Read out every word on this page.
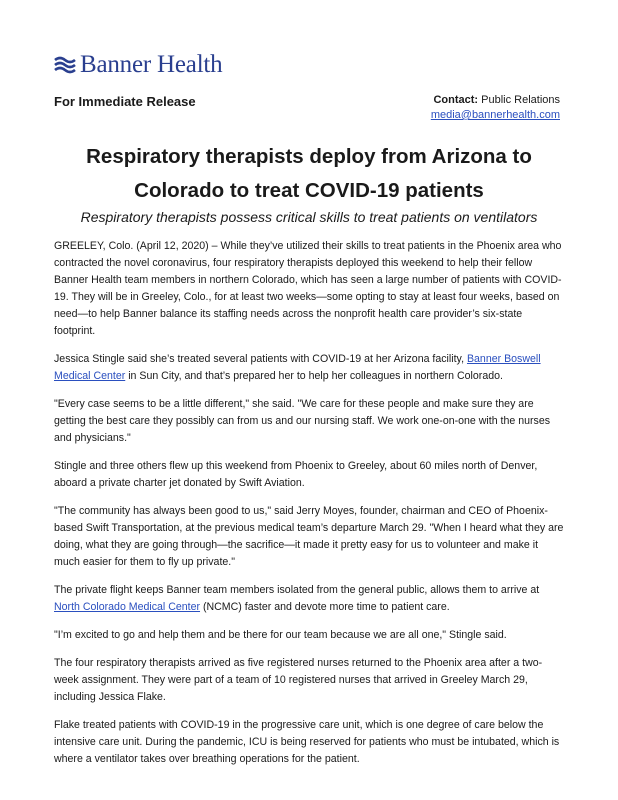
Banner Health
For Immediate Release	Contact: Public Relations
media@bannerhealth.com
Respiratory therapists deploy from Arizona to
Colorado to treat COVID-19 patients

Respiratory therapists possess critical skills to treat patients on ventilators

GREELEY, Colo. (April 12, 2020) – While they’ve utilized their skills to treat patients in the Phoenix area who contracted the novel coronavirus, four respiratory therapists deployed this weekend to help their fellow Banner Health team members in northern Colorado, which has seen a large number of patients with COVID-19. They will be in Greeley, Colo., for at least two weeks—some opting to stay at least four weeks, based on need—to help Banner balance its staffing needs across the nonprofit health care provider’s six-state footprint.

Jessica Stingle said she’s treated several patients with COVID-19 at her Arizona facility, Banner Boswell Medical Center in Sun City, and that’s prepared her to help her colleagues in northern Colorado.

"Every case seems to be a little different," she said. "We care for these people and make sure they are getting the best care they possibly can from us and our nursing staff. We work one-on-one with the nurses and physicians."

Stingle and three others flew up this weekend from Phoenix to Greeley, about 60 miles north of Denver, aboard a private charter jet donated by Swift Aviation.

"The community has always been good to us," said Jerry Moyes, founder, chairman and CEO of Phoenix-based Swift Transportation, at the previous medical team’s departure March 29. "When I heard what they are doing, what they are going through—the sacrifice—it made it pretty easy for us to volunteer and make it much easier for them to fly up private."

The private flight keeps Banner team members isolated from the general public, allows them to arrive at North Colorado Medical Center (NCMC) faster and devote more time to patient care.

"I’m excited to go and help them and be there for our team because we are all one," Stingle said.

The four respiratory therapists arrived as five registered nurses returned to the Phoenix area after a two-week assignment. They were part of a team of 10 registered nurses that arrived in Greeley March 29, including Jessica Flake.

Flake treated patients with COVID-19 in the progressive care unit, which is one degree of care below the intensive care unit. During the pandemic, ICU is being reserved for patients who must be intubated, which is where a ventilator takes over breathing operations for the patient.
